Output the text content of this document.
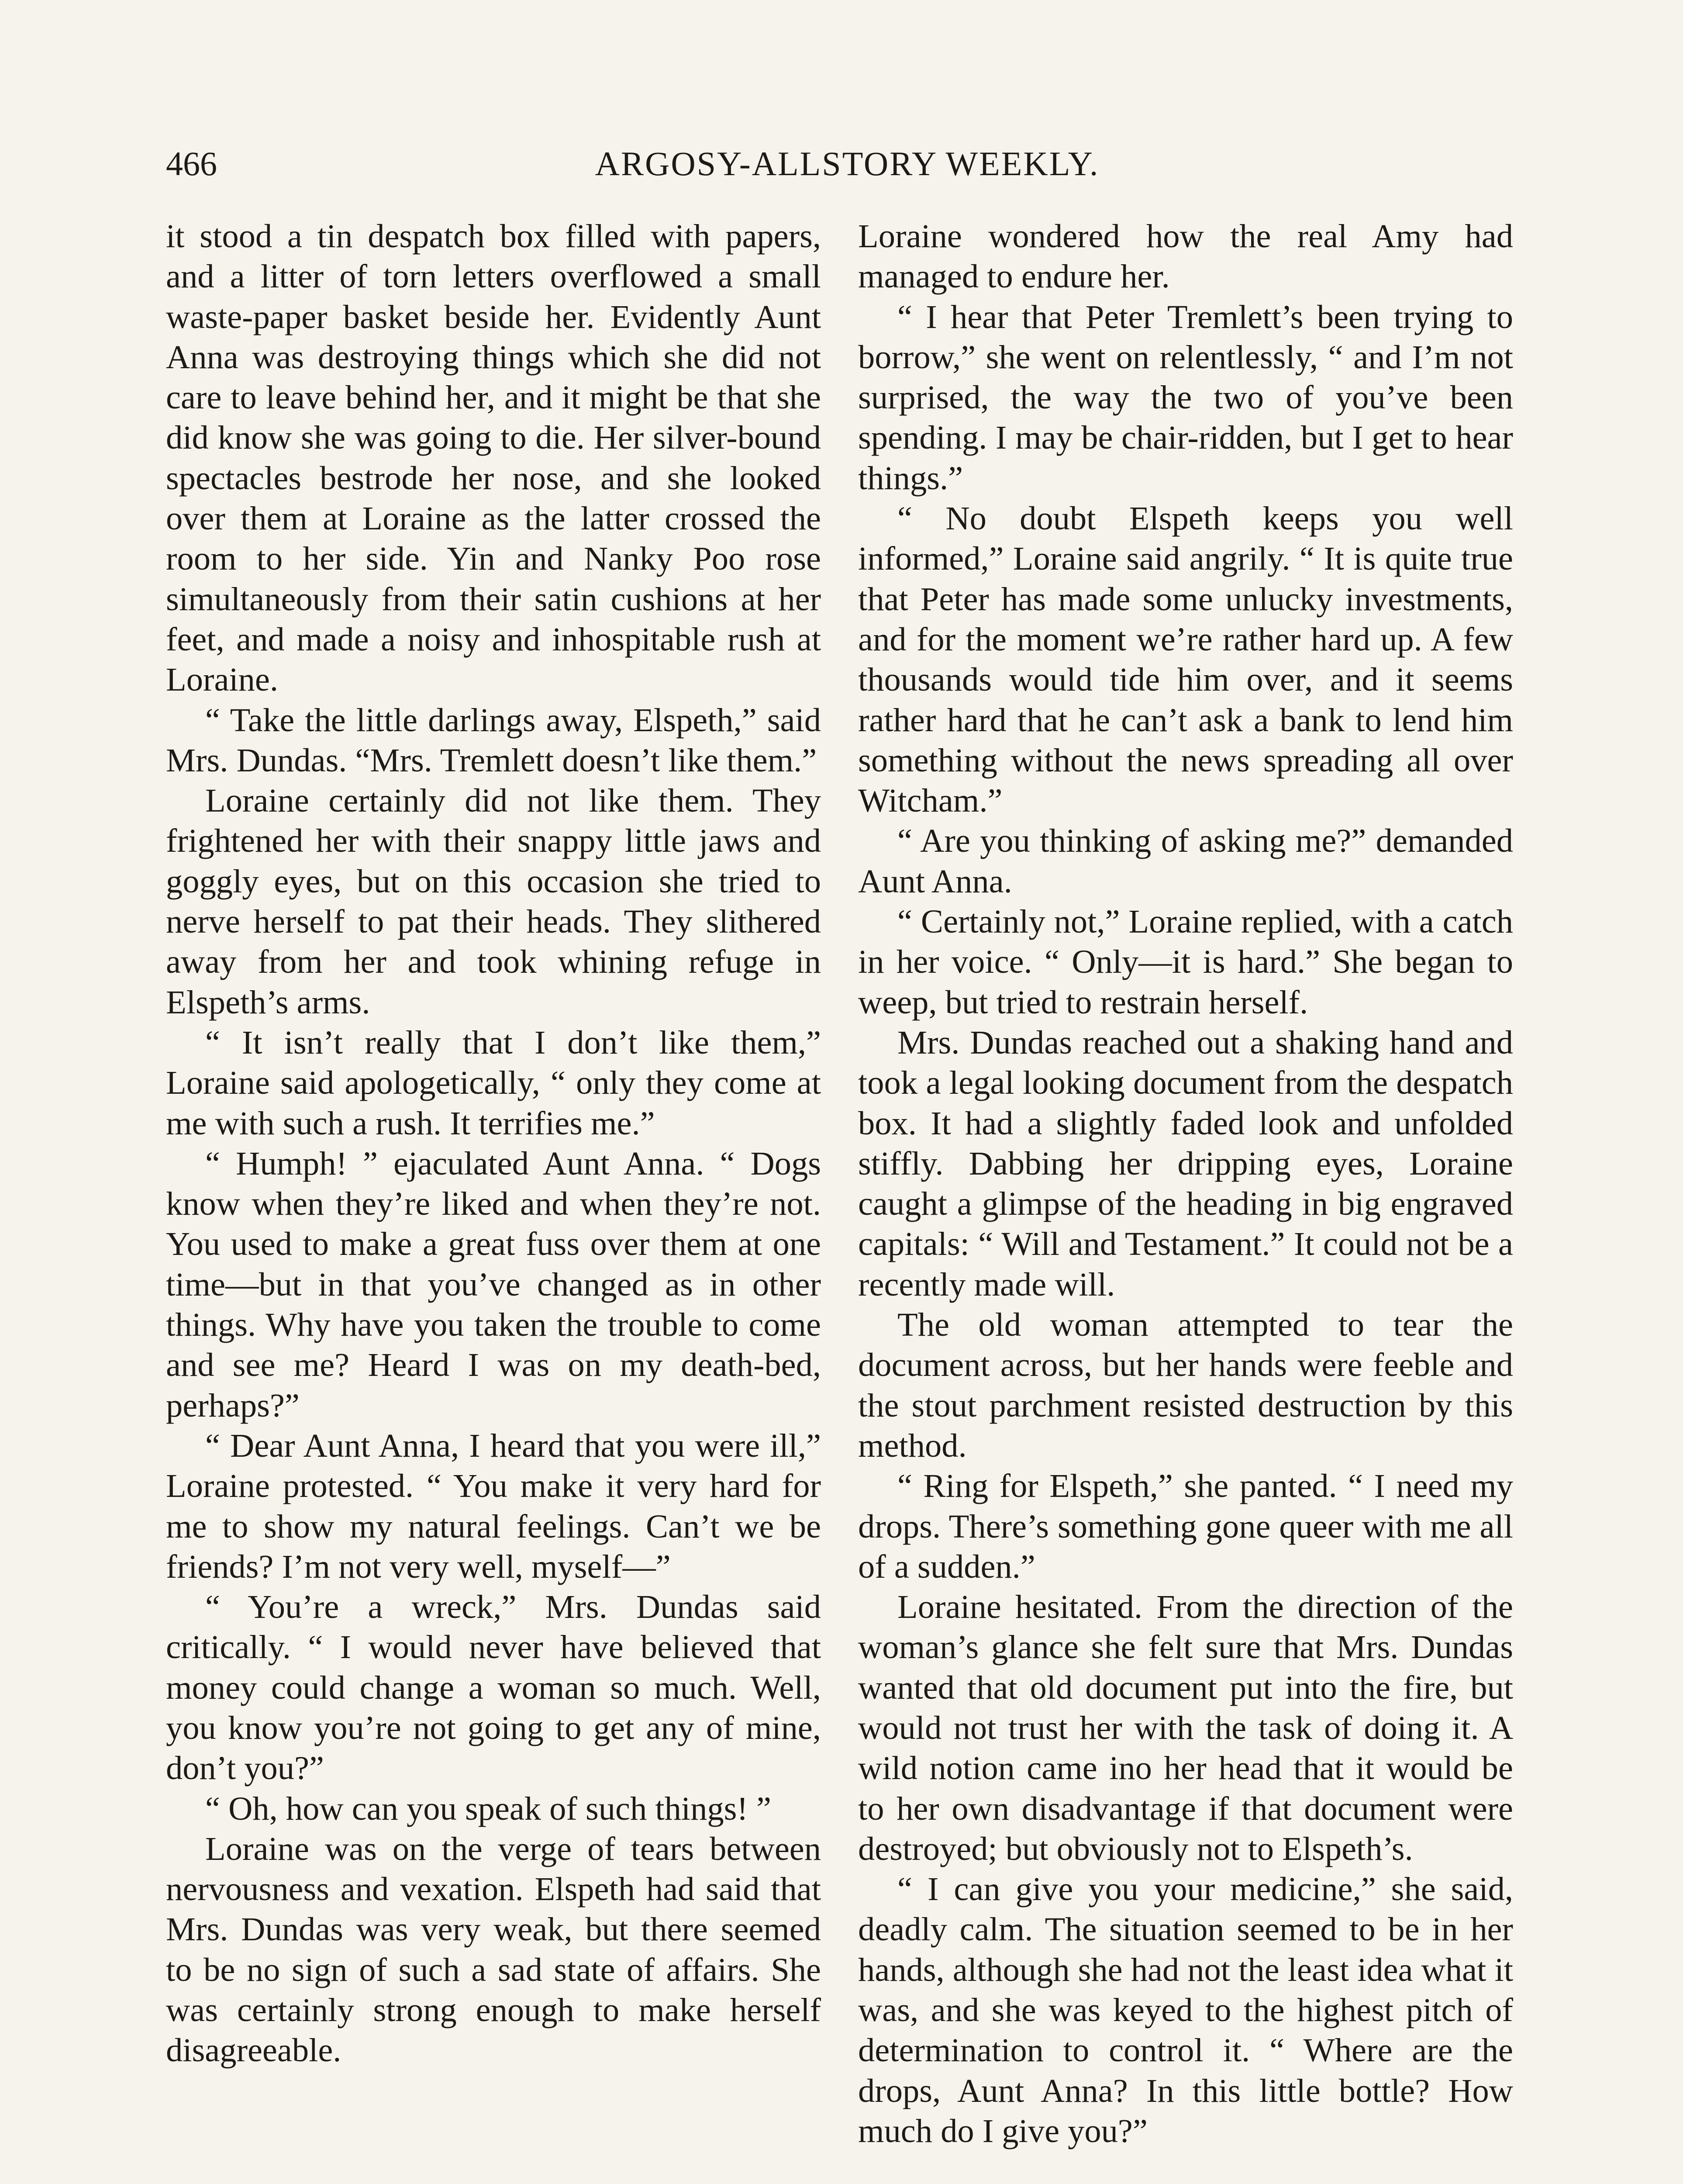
466	ARGOSY-ALLSTORY WEEKLY.

it stood a tin despatch box filled with papers, and a litter of torn letters overflowed a small waste-paper basket beside her. Evidently Aunt Anna was destroying things which she did not care to leave behind her, and it might be that she did know she was going to die. Her silver-bound spectacles bestrode her nose, and she looked over them at Loraine as the latter crossed the room to her side. Yin and Nanky Poo rose simultaneously from their satin cushions at her feet, and made a noisy and inhospitable rush at Loraine.

“ Take the little darlings away, Elspeth,” said Mrs. Dundas. “Mrs. Tremlett doesn’t like them.”

Loraine certainly did not like them. They frightened her with their snappy little jaws and goggly eyes, but on this occasion she tried to nerve herself to pat their heads. They slithered away from her and took whining refuge in Elspeth’s arms.

“ It isn’t really that I don’t like them,” Loraine said apologetically, “ only they come at me with such a rush. It terrifies me.”

“ Humph! ” ejaculated Aunt Anna. “ Dogs know when they’re liked and when they’re not. You used to make a great fuss over them at one time—but in that you’ve changed as in other things. Why have you taken the trouble to come and see me? Heard I was on my death-bed, perhaps?”

“ Dear Aunt Anna, I heard that you were ill,” Loraine protested. “ You make it very hard for me to show my natural feelings. Can’t we be friends? I’m not very well, myself—”

“ You’re a wreck,” Mrs. Dundas said critically. “ I would never have believed that money could change a woman so much. Well, you know you’re not going to get any of mine, don’t you?”

“ Oh, how can you speak of such things! ”

Loraine was on the verge of tears between nervousness and vexation. Elspeth had said that Mrs. Dundas was very weak, but there seemed to be no sign of such a sad state of affairs. She was certainly strong enough to make herself disagreeable.

Loraine wondered how the real Amy had managed to endure her.

“ I hear that Peter Tremlett’s been trying to borrow,” she went on relentlessly, “ and I’m not surprised, the way the two of you’ve been spending. I may be chair-ridden, but I get to hear things.”

“ No doubt Elspeth keeps you well informed,” Loraine said angrily. “ It is quite true that Peter has made some unlucky investments, and for the moment we’re rather hard up. A few thousands would tide him over, and it seems rather hard that he can’t ask a bank to lend him something without the news spreading all over Witcham.”

“ Are you thinking of asking me?” demanded Aunt Anna.

“ Certainly not,” Loraine replied, with a catch in her voice. “ Only—it is hard.” She began to weep, but tried to restrain herself.

Mrs. Dundas reached out a shaking hand and took a legal looking document from the despatch box. It had a slightly faded look and unfolded stiffly. Dabbing her dripping eyes, Loraine caught a glimpse of the heading in big engraved capitals: “ Will and Testament.” It could not be a recently made will.

The old woman attempted to tear the document across, but her hands were feeble and the stout parchment resisted destruction by this method.

“ Ring for Elspeth,” she panted. “ I need my drops. There’s something gone queer with me all of a sudden.”

Loraine hesitated. From the direction of the woman’s glance she felt sure that Mrs. Dundas wanted that old document put into the fire, but would not trust her with the task of doing it. A wild notion came ino her head that it would be to her own disadvantage if that document were destroyed; but obviously not to Elspeth’s.

“ I can give you your medicine,” she said, deadly calm. The situation seemed to be in her hands, although she had not the least idea what it was, and she was keyed to the highest pitch of determination to control it. “ Where are the drops, Aunt Anna? In this little bottle? How much do I give you?”
